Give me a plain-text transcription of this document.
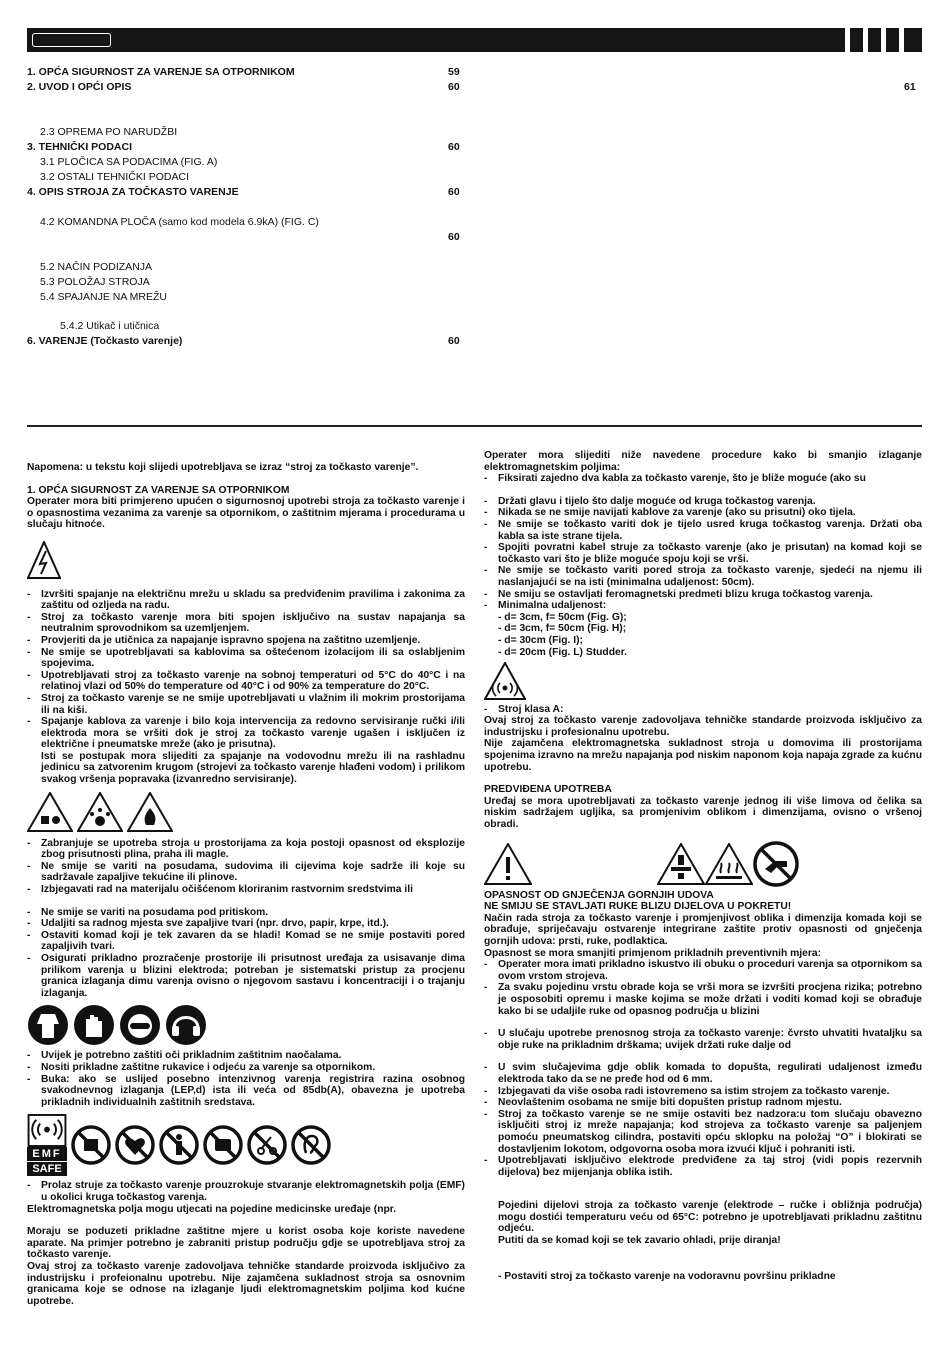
61
1. OPĆA SIGURNOST ZA VARENJE SA OTPORNIKOM	59
2. UVOD I OPĆI OPIS	60
2.3 OPREMA PO NARUDŽBI
3. TEHNIČKI PODACI	60
3.1 PLOČICA SA PODACIMA (FIG. A)
3.2 OSTALI TEHNIČKI PODACI
4. OPIS STROJA ZA TOČKASTO VARENJE	60
4.2 KOMANDNA PLOČA (samo kod modela 6.9kA) (FIG. C)
60
5.2 NAČIN PODIZANJA
5.3 POLOŽAJ STROJA
5.4 SPAJANJE NA MREŽU
5.4.2 Utikač i utičnica
6. VARENJE (Točkasto varenje)	60

Napomena: u tekstu koji slijedi upotrebljava se izraz “stroj za točkasto varenje”.

1. OPĆA SIGURNOST ZA VARENJE SA OTPORNIKOM

Operater mora biti primjereno upućen o sigurnosnoj upotrebi stroja za točkasto varenje i o opasnostima vezanima za varenje sa otpornikom, o zaštitnim mjerama i procedurama u slučaju hitnoće.

-	Izvršiti spajanje na električnu mrežu u skladu sa predviđenim pravilima i zakonima za zaštitu od ozljeda na radu.
-	Stroj za točkasto varenje mora biti spojen isključivo na sustav napajanja sa neutralnim sprovodnikom sa uzemljenjem.
-	Provjeriti da je utičnica za napajanje ispravno spojena na zaštitno uzemljenje.
-	Ne smije se upotrebljavati sa kablovima sa oštećenom izolacijom ili sa oslabljenim spojevima.
-	Upotrebljavati stroj za točkasto varenje na sobnoj temperaturi od 5°C do 40°C i na relatinoj vlazi od 50% do temperature od 40°C i od 90% za temperature do 20°C.
-	Stroj za točkasto varenje se ne smije upotrebljavati u vlažnim ili mokrim prostorijama ili na kiši.
-	Spajanje kablova za varenje i bilo koja intervencija za redovno servisiranje ručki i/ili elektroda mora se vršiti dok je stroj za točkasto varenje ugašen i isključen iz električne i pneumatske mreže (ako je prisutna).

Isti se postupak mora slijediti za spajanje na vodovodnu mrežu ili na rashladnu jedinicu sa zatvorenim krugom (strojevi za točkasto varenje hlađeni vodom) i prilikom svakog vršenja popravaka (izvanredno servisiranje).

-	Zabranjuje se upotreba stroja u prostorijama za koja postoji opasnost od eksplozije zbog prisutnosti plina, praha ili magle.
-	Ne smije se variti na posudama, sudovima ili cijevima koje sadrže ili koje su sadržavale zapaljive tekućine ili plinove.
-	Izbjegavati rad na materijalu očišćenom kloriranim rastvornim sredstvima ili
-	Ne smije se variti na posudama pod pritiskom.
-	Udaljiti sa radnog mjesta sve zapaljive tvari (npr. drvo, papir, krpe, itd.).
-	Ostaviti komad koji je tek zavaren da se hladi! Komad se ne smije postaviti pored zapaljivih tvari.
-	Osigurati prikladno prozračenje prostorije ili prisutnost uređaja za usisavanje dima prilikom varenja u blizini elektroda; potreban je sistematski pristup za procjenu granica izlaganja dimu varenja ovisno o njegovom sastavu i koncentraciji i o trajanju izlaganja.
-	Uvijek je potrebno zaštiti oči prikladnim zaštitnim naočalama.
-	Nositi prikladne zaštitne rukavice i odjeću za varenje sa otpornikom.
-	Buka: ako se uslijed posebno intenzivnog varenja registrira razina osobnog svakodnevnog izlaganja (LEP,d) ista ili veća od 85db(A), obavezna je upotreba prikladnih individualnih zaštitnih sredstava.
EMF
SAFE
-	Prolaz struje za točkasto varenje prouzrokuje stvaranje elektromagnetskih polja (EMF) u okolici kruga točkastog varenja.

Elektromagnetska polja mogu utjecati na pojedine medicinske uređaje (npr.

Moraju se poduzeti prikladne zaštitne mjere u korist osoba koje koriste navedene aparate. Na primjer potrebno je zabraniti pristup području gdje se upotrebljava stroj za točkasto varenje.

Ovaj stroj za točkasto varenje zadovoljava tehničke standarde proizvoda isključivo za industrijsku i profeionalnu upotrebu. Nije zajamčena sukladnost stroja sa osnovnim granicama koje se odnose na izlaganje ljudi elektromagnetskim poljima kod kućne upotrebe.

Operater mora slijediti niže navedene procedure kako bi smanjio izlaganje elektromagnetskim poljima:

-	Fiksirati zajedno dva kabla za točkasto varenje, što je bliže moguće (ako su
-	Držati glavu i tijelo što dalje moguće od kruga točkastog varenja.
-	Nikada se ne smije navijati kablove za varenje (ako su prisutni) oko tijela.
-	Ne smije se točkasto variti dok je tijelo usred kruga točkastog varenja. Držati oba kabla sa iste strane tijela.
-	Spojiti povratni kabel struje za točkasto varenje (ako je prisutan) na komad koji se točkasto vari što je bliže moguće spoju koji se vrši.
-	Ne smije se točkasto variti pored stroja za točkasto varenje, sjedeći na njemu ili naslanjajući se na isti (minimalna udaljenost: 50cm).
-	Ne smiju se ostavljati feromagnetski predmeti blizu kruga točkastog varenja.
-	Minimalna udaljenost:
- d= 3cm, f= 50cm (Fig. G);
- d= 3cm, f= 50cm (Fig. H);
- d= 30cm (Fig. I);
- d= 20cm (Fig. L) Studder.
-	Stroj klasa A:

Ovaj stroj za točkasto varenje zadovoljava tehničke standarde proizvoda isključivo za industrijsku i profesionalnu upotrebu.

Nije zajamčena elektromagnetska sukladnost stroja u domovima ili prostorijama spojenima izravno na mrežu napajanja pod niskim naponom koja napaja zgrade za kućnu upotrebu.

PREDVIĐENA UPOTREBA

Uređaj se mora upotrebljavati za točkasto varenje jednog ili više limova od čelika sa niskim sadržajem ugljika, sa promjenivim oblikom i dimenzijama, ovisno o vršenoj obradi.

OPASNOST OD GNJEČENJA GORNJIH UDOVA

NE SMIJU SE STAVLJATI RUKE BLIZU DIJELOVA U POKRETU!

Način rada stroja za točkasto varenje i promjenjivost oblika i dimenzija komada koji se obrađuje, spriječavaju ostvarenje integrirane zaštite protiv opasnosti od gnječenja gornjih udova: prsti, ruke, podlaktica.

Opasnost se mora smanjiti primjenom prikladnih preventivnih mjera:

-	Operater mora imati prikladno iskustvo ili obuku o proceduri varenja sa otpornikom sa ovom vrstom strojeva.
-	Za svaku pojedinu vrstu obrade koja se vrši mora se izvršiti procjena rizika; potrebno je osposobiti opremu i maske kojima se može držati i voditi komad koji se obrađuje kako bi se udaljile ruke od opasnog područja u blizini
-	U slučaju upotrebe prenosnog stroja za točkasto varenje: čvrsto uhvatiti hvataljku sa obje ruke na prikladnim drškama; uvijek držati ruke dalje od
-	U svim slučajevima gdje oblik komada to dopušta, regulirati udaljenost između elektroda tako da se ne pređe hod od 6 mm.
-	Izbjegavati da više osoba radi istovremeno sa istim strojem za točkasto varenje.
-	Neovlaštenim osobama ne smije biti dopušten pristup radnom mjestu.
-	Stroj za točkasto varenje se ne smije ostaviti bez nadzora:u tom slučaju obavezno isključiti stroj iz mreže napajanja; kod strojeva za točkasto varenje sa paljenjem pomoću pneumatskog cilindra, postaviti opću sklopku na položaj “O” i blokirati se dostavljenim lokotom, odgovorna osoba mora izvući ključ i pohraniti isti.
-	Upotrebljavati isključivo elektrode predviđene za taj stroj (vidi popis rezervnih dijelova) bez mijenjanja oblika istih.

Pojedini dijelovi stroja za točkasto varenje (elektrode – ručke i obližnja područja) mogu dostići temperaturu veću od 65°C: potrebno je upotrebljavati prikladnu zaštitnu odjeću.

Putiti da se komad koji se tek zavario ohladi, prije diranja!

- Postaviti stroj za točkasto varenje na vodoravnu površinu prikladne
